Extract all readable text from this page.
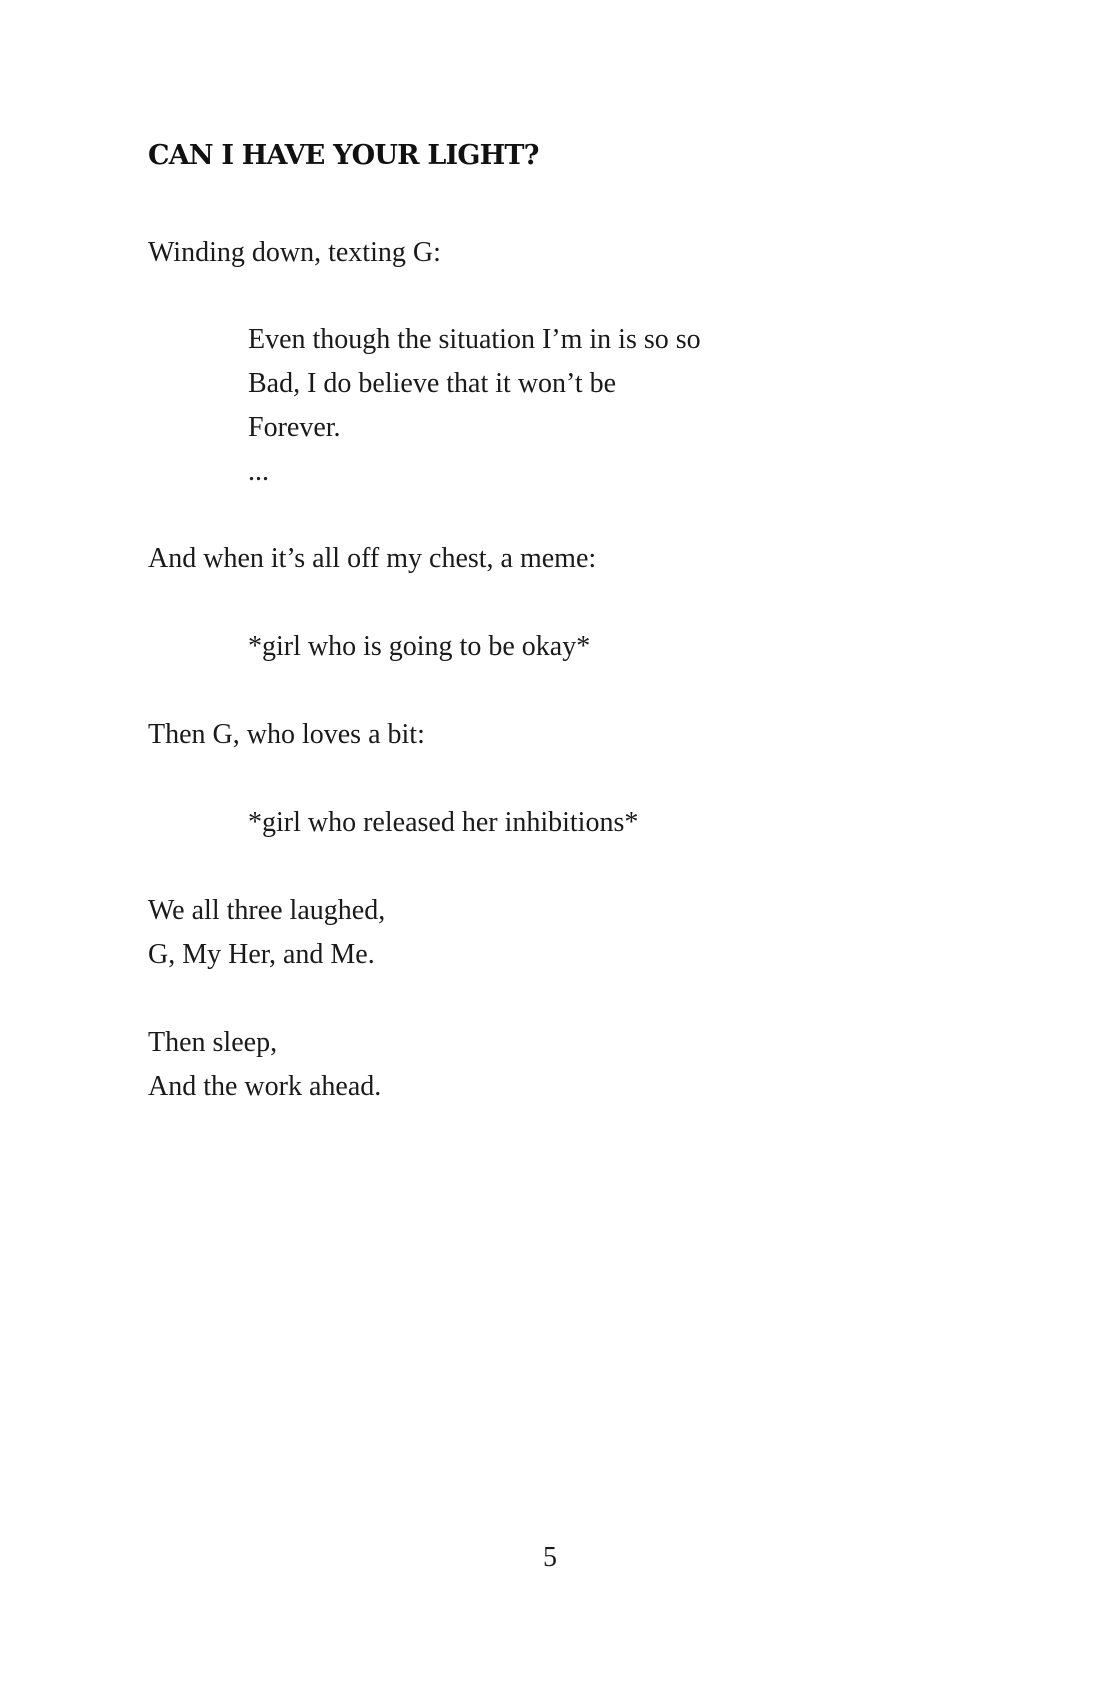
CAN I HAVE YOUR LIGHT?

Winding down, texting G:

Even though the situation I’m in is so so

Bad, I do believe that it won’t be

Forever.

...

And when it’s all off my chest, a meme:

*girl who is going to be okay*

Then G, who loves a bit:

*girl who released her inhibitions*

We all three laughed,

G, My Her, and Me.

Then sleep,

And the work ahead.

5
